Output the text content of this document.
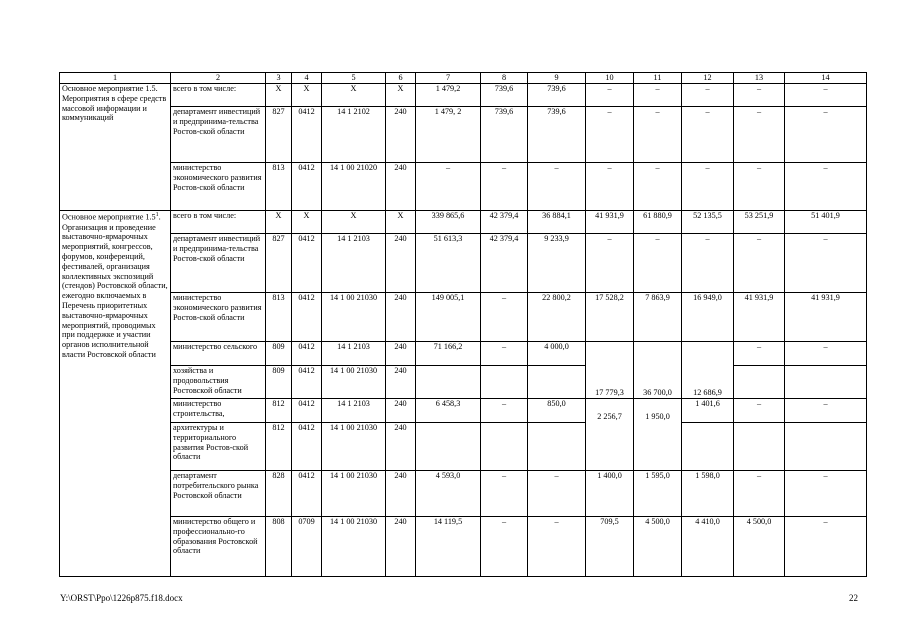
1	2	3	4	5	6	7	8	9	10	11	12	13	14
Основное мероприятие 1.5. Мероприятия в сфере средств массовой информации и коммуникаций	всего в том числе:	Х	Х	Х	Х	1 479,2	739,6	739,6	–	–	–	–	–
	департамент инвестиций и предпринима-тельства Ростов-ской области	827	0412	14 1 2102	240	1 479, 2	739,6	739,6	–	–	–	–	–
	министерство экономического развития Ростов-ской области	813	0412	14 1 00 21020	240	–	–	–	–	–	–	–	–
Основное мероприятие $1.5^1$. Организация и проведение выставочно-ярмарочных мероприятий, конгрессов, форумов, конференций, фестивалей, организация коллективных экспозиций (стендов) Ростовской области, ежегодно включаемых в Перечень приоритетных выставочно-ярмарочных мероприятий, проводимых при поддержке и участии органов исполнительной власти Ростовской области	всего в том числе:	Х	Х	Х	Х	339 865,6	42 379,4	36 884,1	41 931,9	61 880,9	52 135,5	53 251,9	51 401,9
	департамент инвестиций и предпринима-тельства Ростов-ской области	827	0412	14 1 2103	240	51 613,3	42 379,4	9 233,9	–	–	–	–	–
	министерство экономического развития Ростов-ской области	813	0412	14 1 00 21030	240	149 005,1	–	22 800,2	17 528,2	7 863,9	16 949,0	41 931,9	41 931,9
	министерство сельского	809	0412	14 1 2103	240	71 166,2	–	4 000,0	17 779,3	36 700,0	12 686,9	–	–
	хозяйства и продовольствия Ростовской области	809	0412	14 1 00 21030	240								
	министерство строительства,	812	0412	14 1 2103	240	6 458,3	–	850,0	2 256,7	1 950,0	1 401,6	–	–
	архитектуры и территориального развития Ростов-ской области	812	0412	14 1 00 21030	240								
	департамент потребительского рынка Ростовской области	828	0412	14 1 00 21030	240	4 593,0	–	–	1 400,0	1 595,0	1 598,0	–	–
	министерство общего и профессионально-го образования Ростовской области	808	0709	14 1 00 21030	240	14 119,5	–	–	709,5	4 500,0	4 410,0	4 500,0	–
Y:\ORST\Ppo\1226p875.f18.docx	22
